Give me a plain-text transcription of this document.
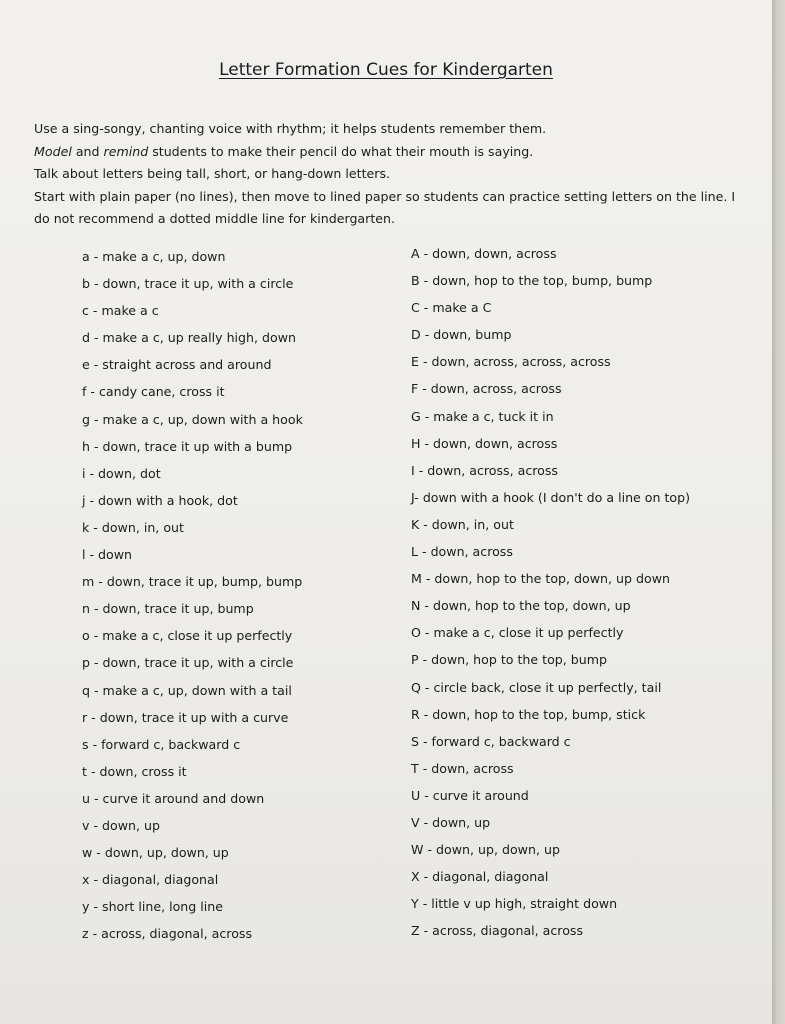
Letter Formation Cues for Kindergarten

Use a sing-songy, chanting voice with rhythm; it helps students remember them.

Model and remind students to make their pencil do what their mouth is saying.

Talk about letters being tall, short, or hang-down letters.

Start with plain paper (no lines), then move to lined paper so students can practice setting letters on the line. I do not recommend a dotted middle line for kindergarten.

a - make a c, up, down
b - down, trace it up, with a circle
c - make a c
d - make a c, up really high, down
e - straight across and around
f - candy cane, cross it
g - make a c, up, down with a hook
h - down, trace it up with a bump
i - down, dot
j - down with a hook, dot
k - down, in, out
l - down
m - down, trace it up, bump, bump
n - down, trace it up, bump
o - make a c, close it up perfectly
p - down, trace it up, with a circle
q - make a c, up, down with a tail
r - down, trace it up with a curve
s - forward c, backward c
t - down, cross it
u - curve it around and down
v - down, up
w - down, up, down, up
x - diagonal, diagonal
y - short line, long line
z - across, diagonal, across
A - down, down, across
B - down, hop to the top, bump, bump
C - make a C
D - down, bump
E - down, across, across, across
F - down, across, across
G - make a c, tuck it in
H - down, down, across
I - down, across, across
J- down with a hook (I don't do a line on top)
K - down, in, out
L - down, across
M - down, hop to the top, down, up down
N - down, hop to the top, down, up
O - make a c, close it up perfectly
P - down, hop to the top, bump
Q - circle back, close it up perfectly, tail
R - down, hop to the top, bump, stick
S - forward c, backward c
T - down, across
U - curve it around
V - down, up
W - down, up, down, up
X - diagonal, diagonal
Y - little v up high, straight down
Z - across, diagonal, across
